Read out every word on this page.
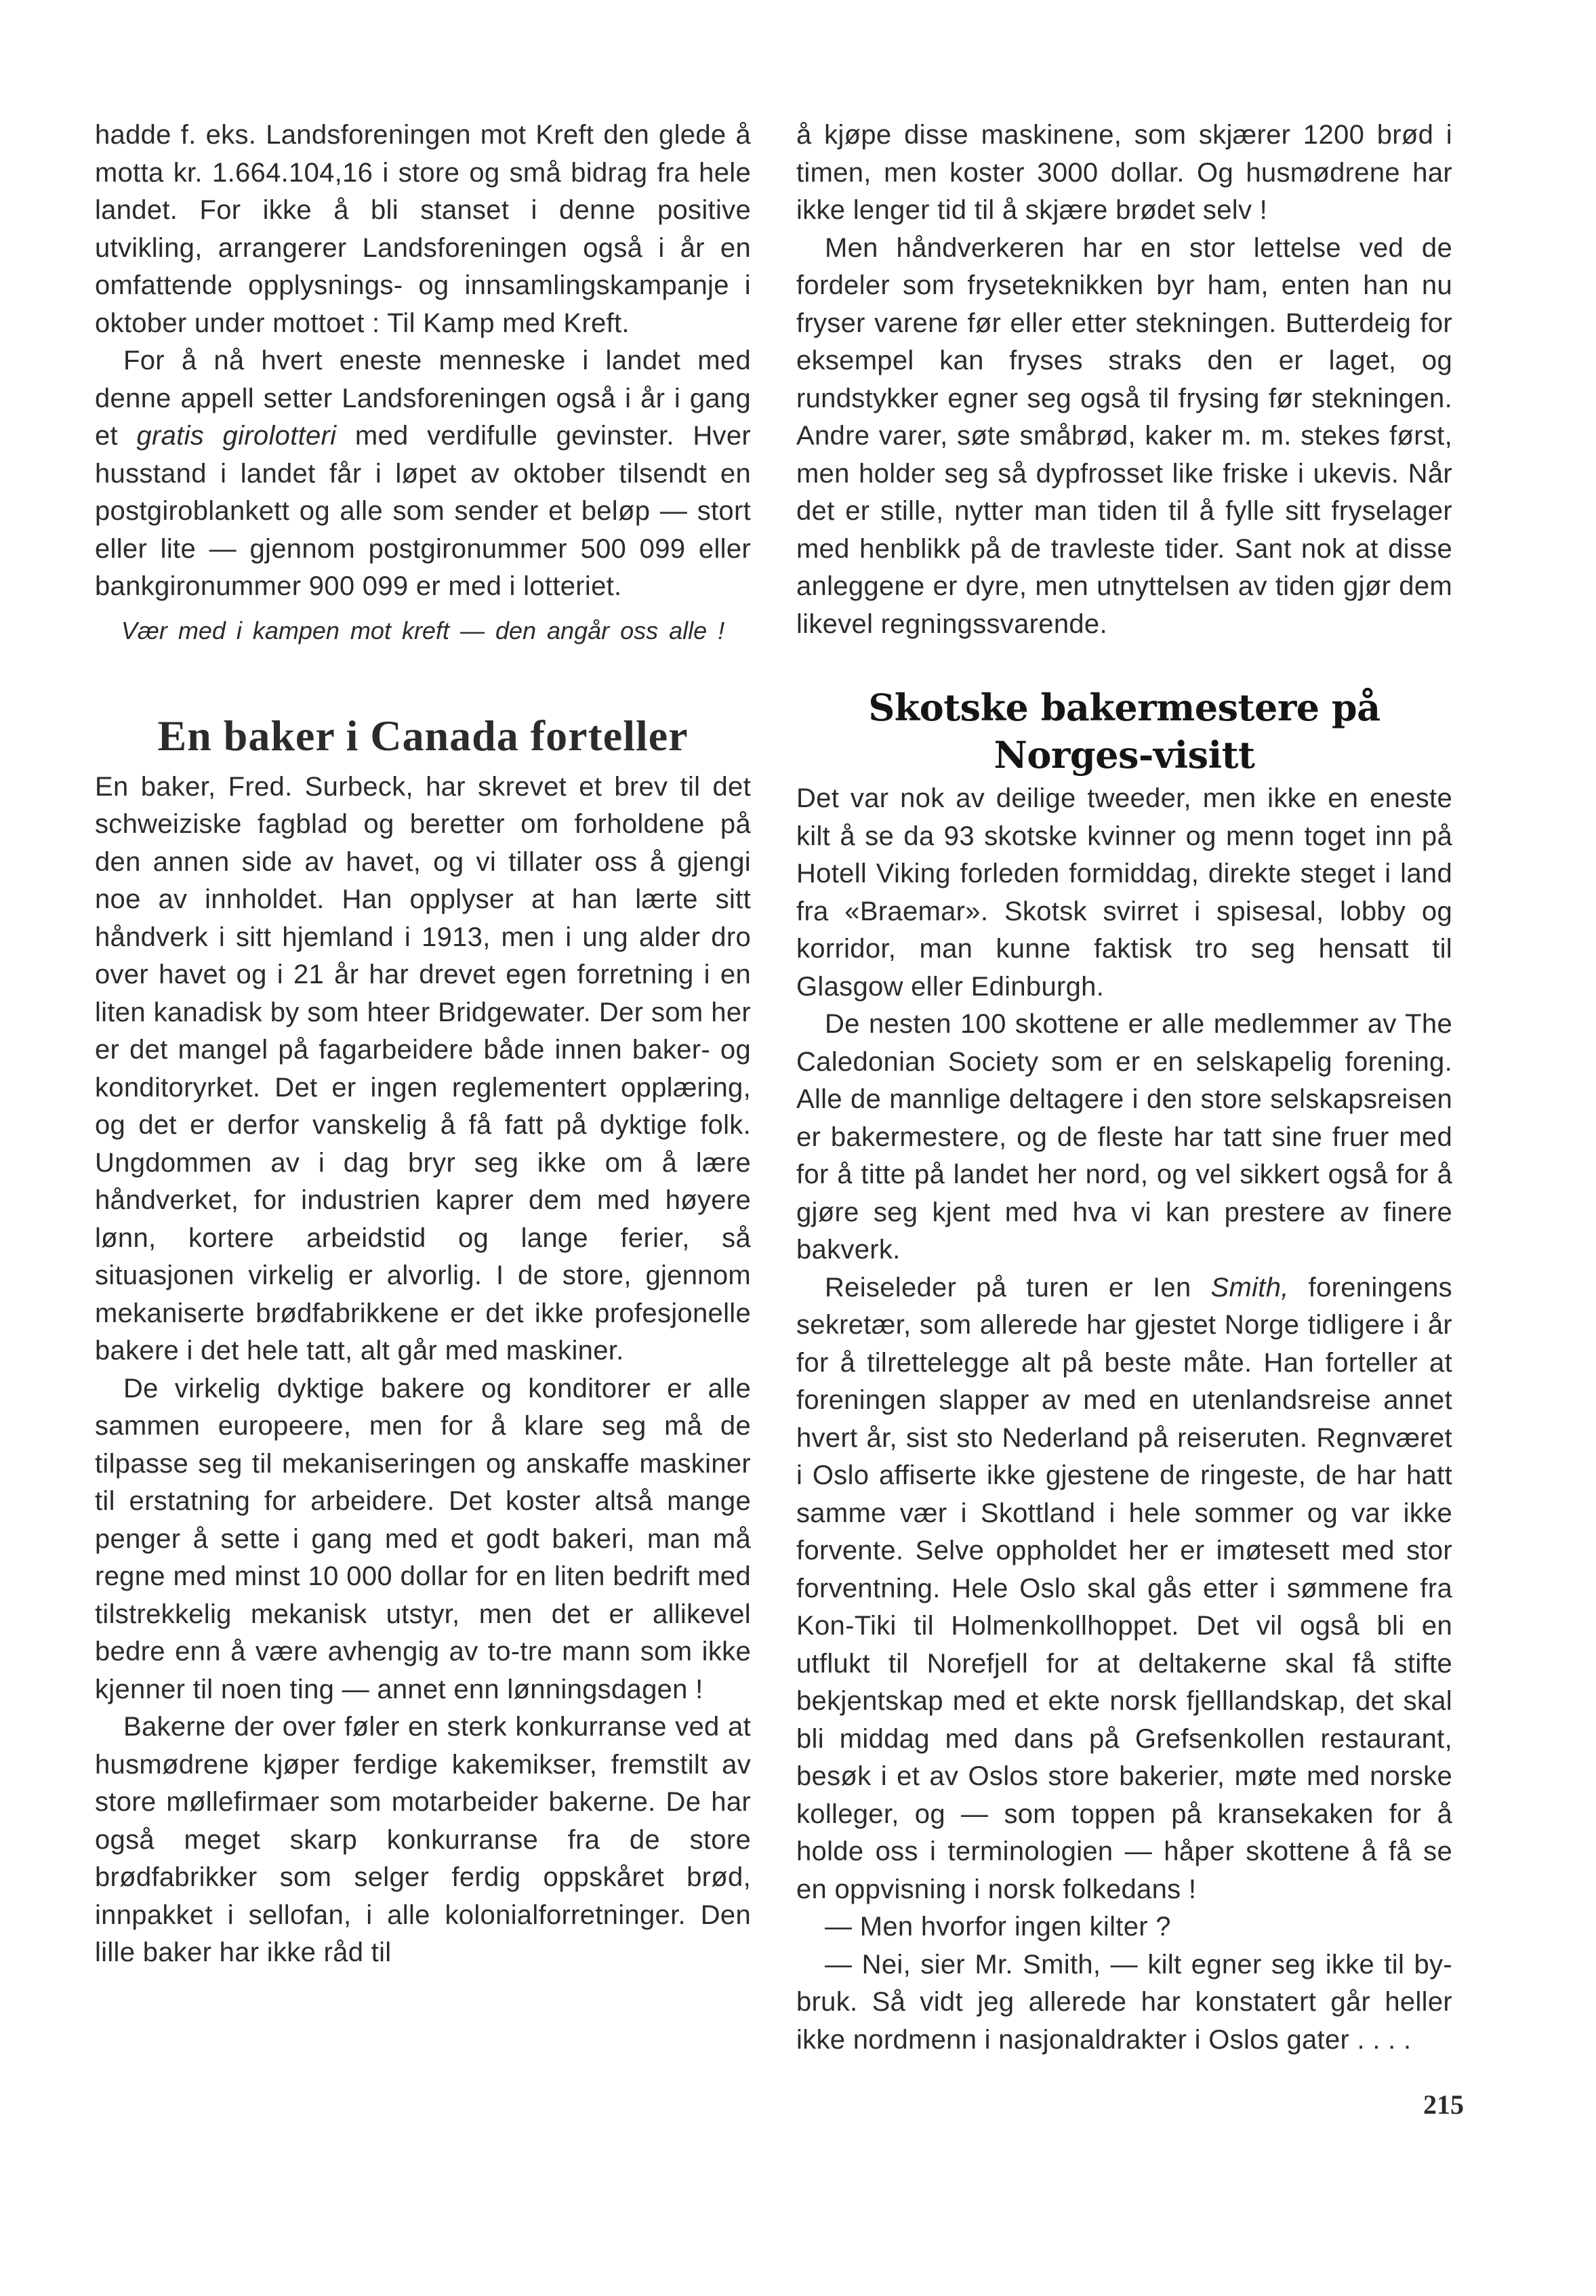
hadde f. eks. Landsforeningen mot Kreft den glede å motta kr. 1.664.104,16 i store og små bidrag fra hele landet. For ikke å bli stanset i denne positive utvikling, arrangerer Landsforeningen også i år en omfattende opplysnings- og innsamlingskampanje i oktober under mottoet : Til Kamp med Kreft.

For å nå hvert eneste menneske i landet med denne appell setter Landsforeningen også i år i gang et gratis girolotteri med verdifulle gevinster. Hver husstand i landet får i løpet av oktober tilsendt en postgiroblankett og alle som sender et beløp — stort eller lite — gjennom postgironummer 500 099 eller bankgironummer 900 099 er med i lotteriet.

Vær med i kampen mot kreft — den angår oss alle !

En baker i Canada forteller

En baker, Fred. Surbeck, har skrevet et brev til det schweiziske fagblad og beretter om forholdene på den annen side av havet, og vi tillater oss å gjengi noe av innholdet. Han opplyser at han lærte sitt håndverk i sitt hjemland i 1913, men i ung alder dro over havet og i 21 år har drevet egen forretning i en liten kanadisk by som hteer Bridgewater. Der som her er det mangel på fagarbeidere både innen baker- og konditoryrket. Det er ingen reglementert opplæring, og det er derfor vanskelig å få fatt på dyktige folk. Ungdommen av i dag bryr seg ikke om å lære håndverket, for industrien kaprer dem med høyere lønn, kortere arbeidstid og lange ferier, så situasjonen virkelig er alvorlig. I de store, gjennom mekaniserte brødfabrikkene er det ikke profesjonelle bakere i det hele tatt, alt går med maskiner.

De virkelig dyktige bakere og konditorer er alle sammen europeere, men for å klare seg må de tilpasse seg til mekaniseringen og anskaffe maskiner til erstatning for arbeidere. Det koster altså mange penger å sette i gang med et godt bakeri, man må regne med minst 10 000 dollar for en liten bedrift med tilstrekkelig mekanisk utstyr, men det er allikevel bedre enn å være avhengig av to-tre mann som ikke kjenner til noen ting — annet enn lønningsdagen !

Bakerne der over føler en sterk konkurranse ved at husmødrene kjøper ferdige kakemikser, fremstilt av store møllefirmaer som motarbeider bakerne. De har også meget skarp konkurranse fra de store brødfabrikker som selger ferdig oppskåret brød, innpakket i sellofan, i alle kolonialforretninger. Den lille baker har ikke råd til

å kjøpe disse maskinene, som skjærer 1200 brød i timen, men koster 3000 dollar. Og husmødrene har ikke lenger tid til å skjære brødet selv !

Men håndverkeren har en stor lettelse ved de fordeler som fryseteknikken byr ham, enten han nu fryser varene før eller etter stekningen. Butterdeig for eksempel kan fryses straks den er laget, og rundstykker egner seg også til frysing før stekningen. Andre varer, søte småbrød, kaker m. m. stekes først, men holder seg så dypfrosset like friske i ukevis. Når det er stille, nytter man tiden til å fylle sitt fryselager med henblikk på de travleste tider. Sant nok at disse anleggene er dyre, men utnyttelsen av tiden gjør dem likevel regningssvarende.

Skotske bakermestere på Norges-visitt

Det var nok av deilige tweeder, men ikke en eneste kilt å se da 93 skotske kvinner og menn toget inn på Hotell Viking forleden formiddag, direkte steget i land fra «Braemar». Skotsk svirret i spisesal, lobby og korridor, man kunne faktisk tro seg hensatt til Glasgow eller Edinburgh.

De nesten 100 skottene er alle medlemmer av The Caledonian Society som er en selskapelig forening. Alle de mannlige deltagere i den store selskapsreisen er bakermestere, og de fleste har tatt sine fruer med for å titte på landet her nord, og vel sikkert også for å gjøre seg kjent med hva vi kan prestere av finere bakverk.

Reiseleder på turen er Ien Smith, foreningens sekretær, som allerede har gjestet Norge tidligere i år for å tilrettelegge alt på beste måte. Han forteller at foreningen slapper av med en utenlandsreise annet hvert år, sist sto Nederland på reiseruten. Regnværet i Oslo affiserte ikke gjestene de ringeste, de har hatt samme vær i Skottland i hele sommer og var ikke forvente. Selve oppholdet her er imøtesett med stor forventning. Hele Oslo skal gås etter i sømmene fra Kon-Tiki til Holmenkollhoppet. Det vil også bli en utflukt til Norefjell for at deltakerne skal få stifte bekjentskap med et ekte norsk fjelllandskap, det skal bli middag med dans på Grefsenkollen restaurant, besøk i et av Oslos store bakerier, møte med norske kolleger, og — som toppen på kransekaken for å holde oss i terminologien — håper skottene å få se en oppvisning i norsk folkedans !

— Men hvorfor ingen kilter ?

— Nei, sier Mr. Smith, — kilt egner seg ikke til by-bruk. Så vidt jeg allerede har konstatert går heller ikke nordmenn i nasjonaldrakter i Oslos gater . . . .

215
